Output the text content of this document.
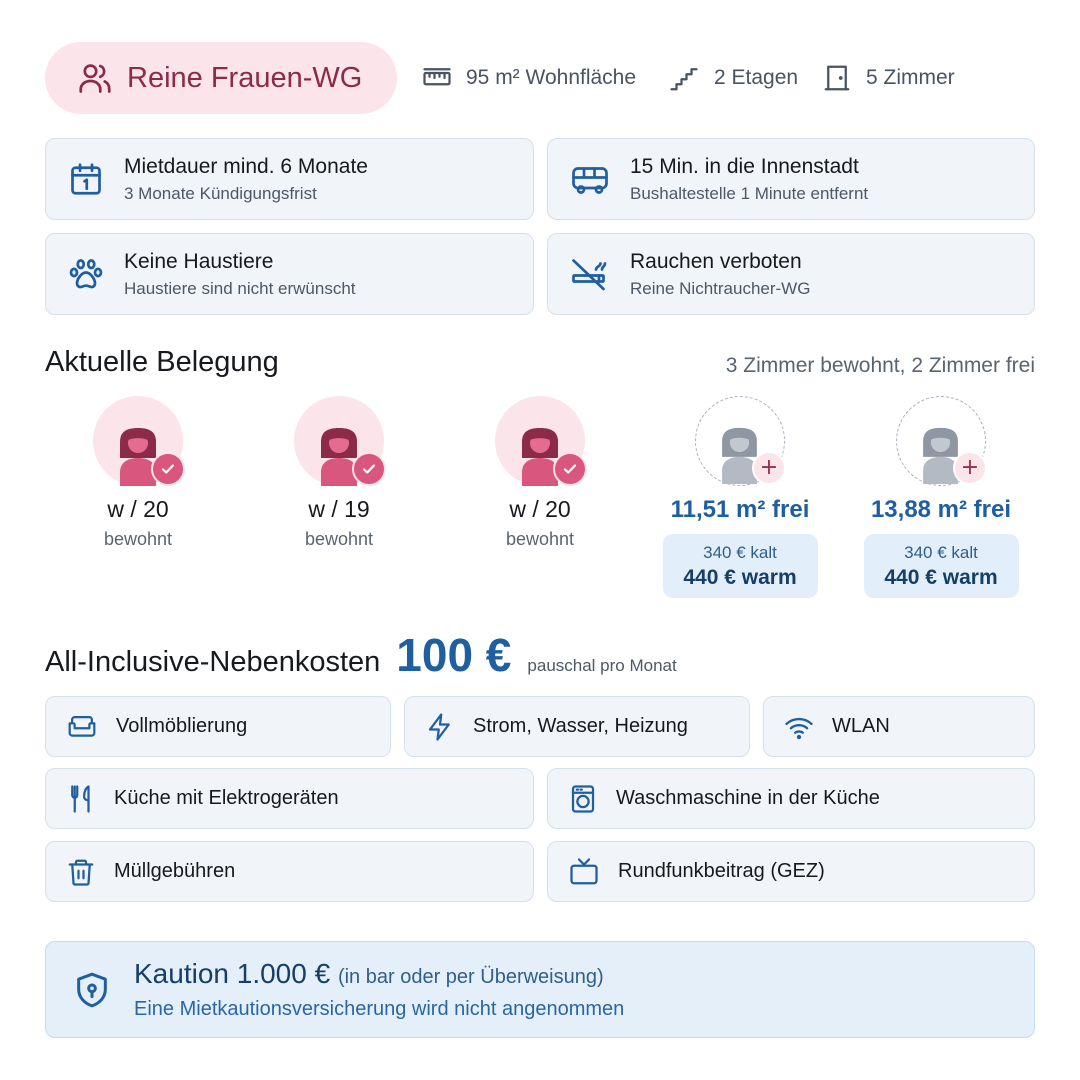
Reine Frauen-WG	95 m² Wohnfläche	2 Etagen	5 Zimmer
Mietdauer mind. 6 Monate
3 Monate Kündigungsfrist
15 Min. in die Innenstadt
Bushaltestelle 1 Minute entfernt
Keine Haustiere
Haustiere sind nicht erwünscht
Rauchen verboten
Reine Nichtraucher-WG
Aktuelle Belegung	3 Zimmer bewohnt, 2 Zimmer frei
w / 20
bewohnt
w / 19
bewohnt
w / 20
bewohnt
+
11,51 m² frei
340 € kalt
440 € warm
+
13,88 m² frei
340 € kalt
440 € warm
All-Inclusive-Nebenkosten 100 € pauschal pro Monat
Vollmöblierung	Strom, Wasser, Heizung	WLAN
Küche mit Elektrogeräten	Waschmaschine in der Küche
Müllgebühren	Rundfunkbeitrag (GEZ)
Kaution 1.000 € (in bar oder per Überweisung)
Eine Mietkautionsversicherung wird nicht angenommen
